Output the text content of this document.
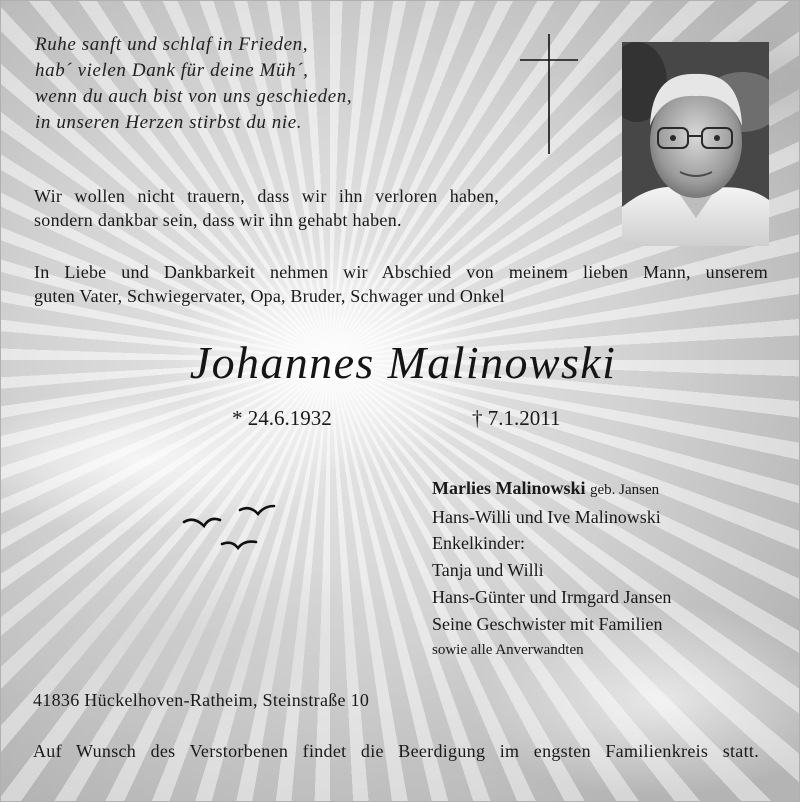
Ruhe sanft und schlaf in Frieden,
hab´ vielen Dank für deine Müh´,
wenn du auch bist von uns geschieden,
in unseren Herzen stirbst du nie.
Wir wollen nicht trauern, dass wir ihn verloren haben,
sondern dankbar sein, dass wir ihn gehabt haben.
In Liebe und Dankbarkeit nehmen wir Abschied von meinem lieben Mann, unserem
guten Vater, Schwiegervater, Opa, Bruder, Schwager und Onkel
Johannes Malinowski
* 24.6.1932	† 7.1.2011
Marlies Malinowski geb. Jansen
Hans-Willi und Ive Malinowski
Enkelkinder:
Tanja und Willi
Hans-Günter und Irmgard Jansen
Seine Geschwister mit Familien
sowie alle Anverwandten
41836 Hückelhoven-Ratheim, Steinstraße 10
Auf Wunsch des Verstorbenen findet die Beerdigung im engsten Familienkreis statt.
